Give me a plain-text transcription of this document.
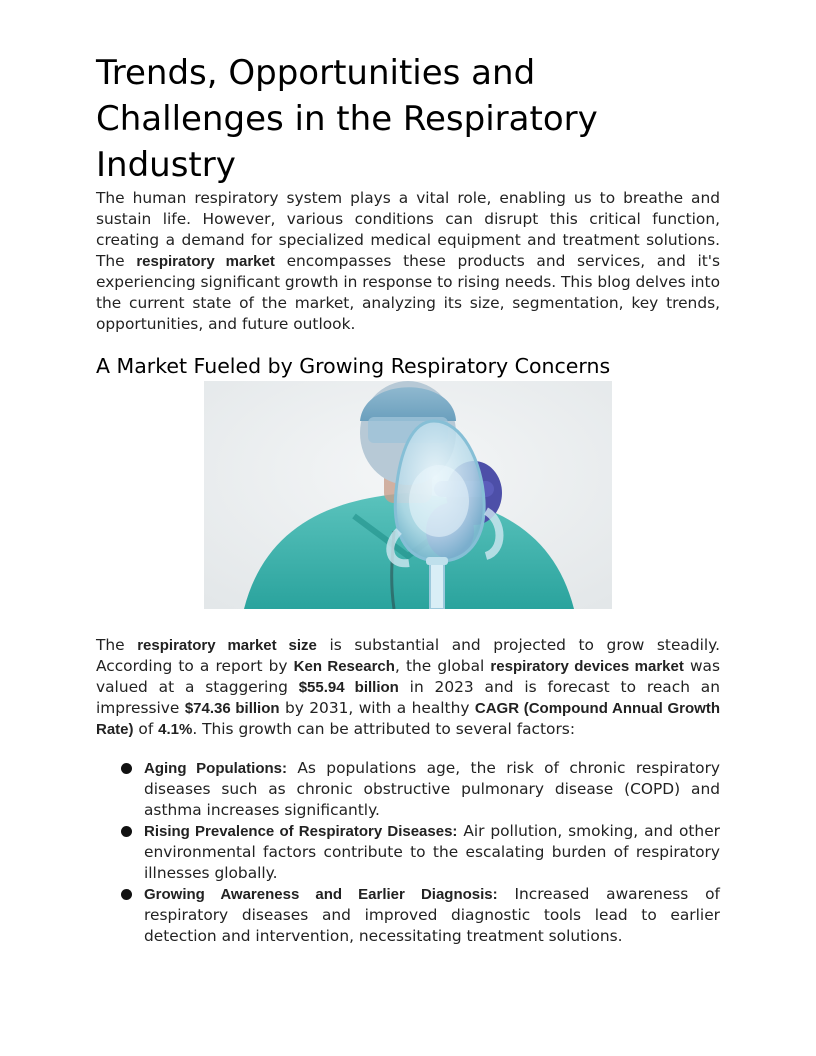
Trends, Opportunities and Challenges in the Respiratory Industry

The human respiratory system plays a vital role, enabling us to breathe and sustain life. However, various conditions can disrupt this critical function, creating a demand for specialized medical equipment and treatment solutions. The respiratory market encompasses these products and services, and it's experiencing significant growth in response to rising needs. This blog delves into the current state of the market, analyzing its size, segmentation, key trends, opportunities, and future outlook.

A Market Fueled by Growing Respiratory Concerns

The respiratory market size is substantial and projected to grow steadily. According to a report by Ken Research, the global respiratory devices market was valued at a staggering $55.94 billion in 2023 and is forecast to reach an impressive $74.36 billion by 2031, with a healthy CAGR (Compound Annual Growth Rate) of 4.1%. This growth can be attributed to several factors:

Aging Populations: As populations age, the risk of chronic respiratory diseases such as chronic obstructive pulmonary disease (COPD) and asthma increases significantly.
Rising Prevalence of Respiratory Diseases: Air pollution, smoking, and other environmental factors contribute to the escalating burden of respiratory illnesses globally.
Growing Awareness and Earlier Diagnosis: Increased awareness of respiratory diseases and improved diagnostic tools lead to earlier detection and intervention, necessitating treatment solutions.
